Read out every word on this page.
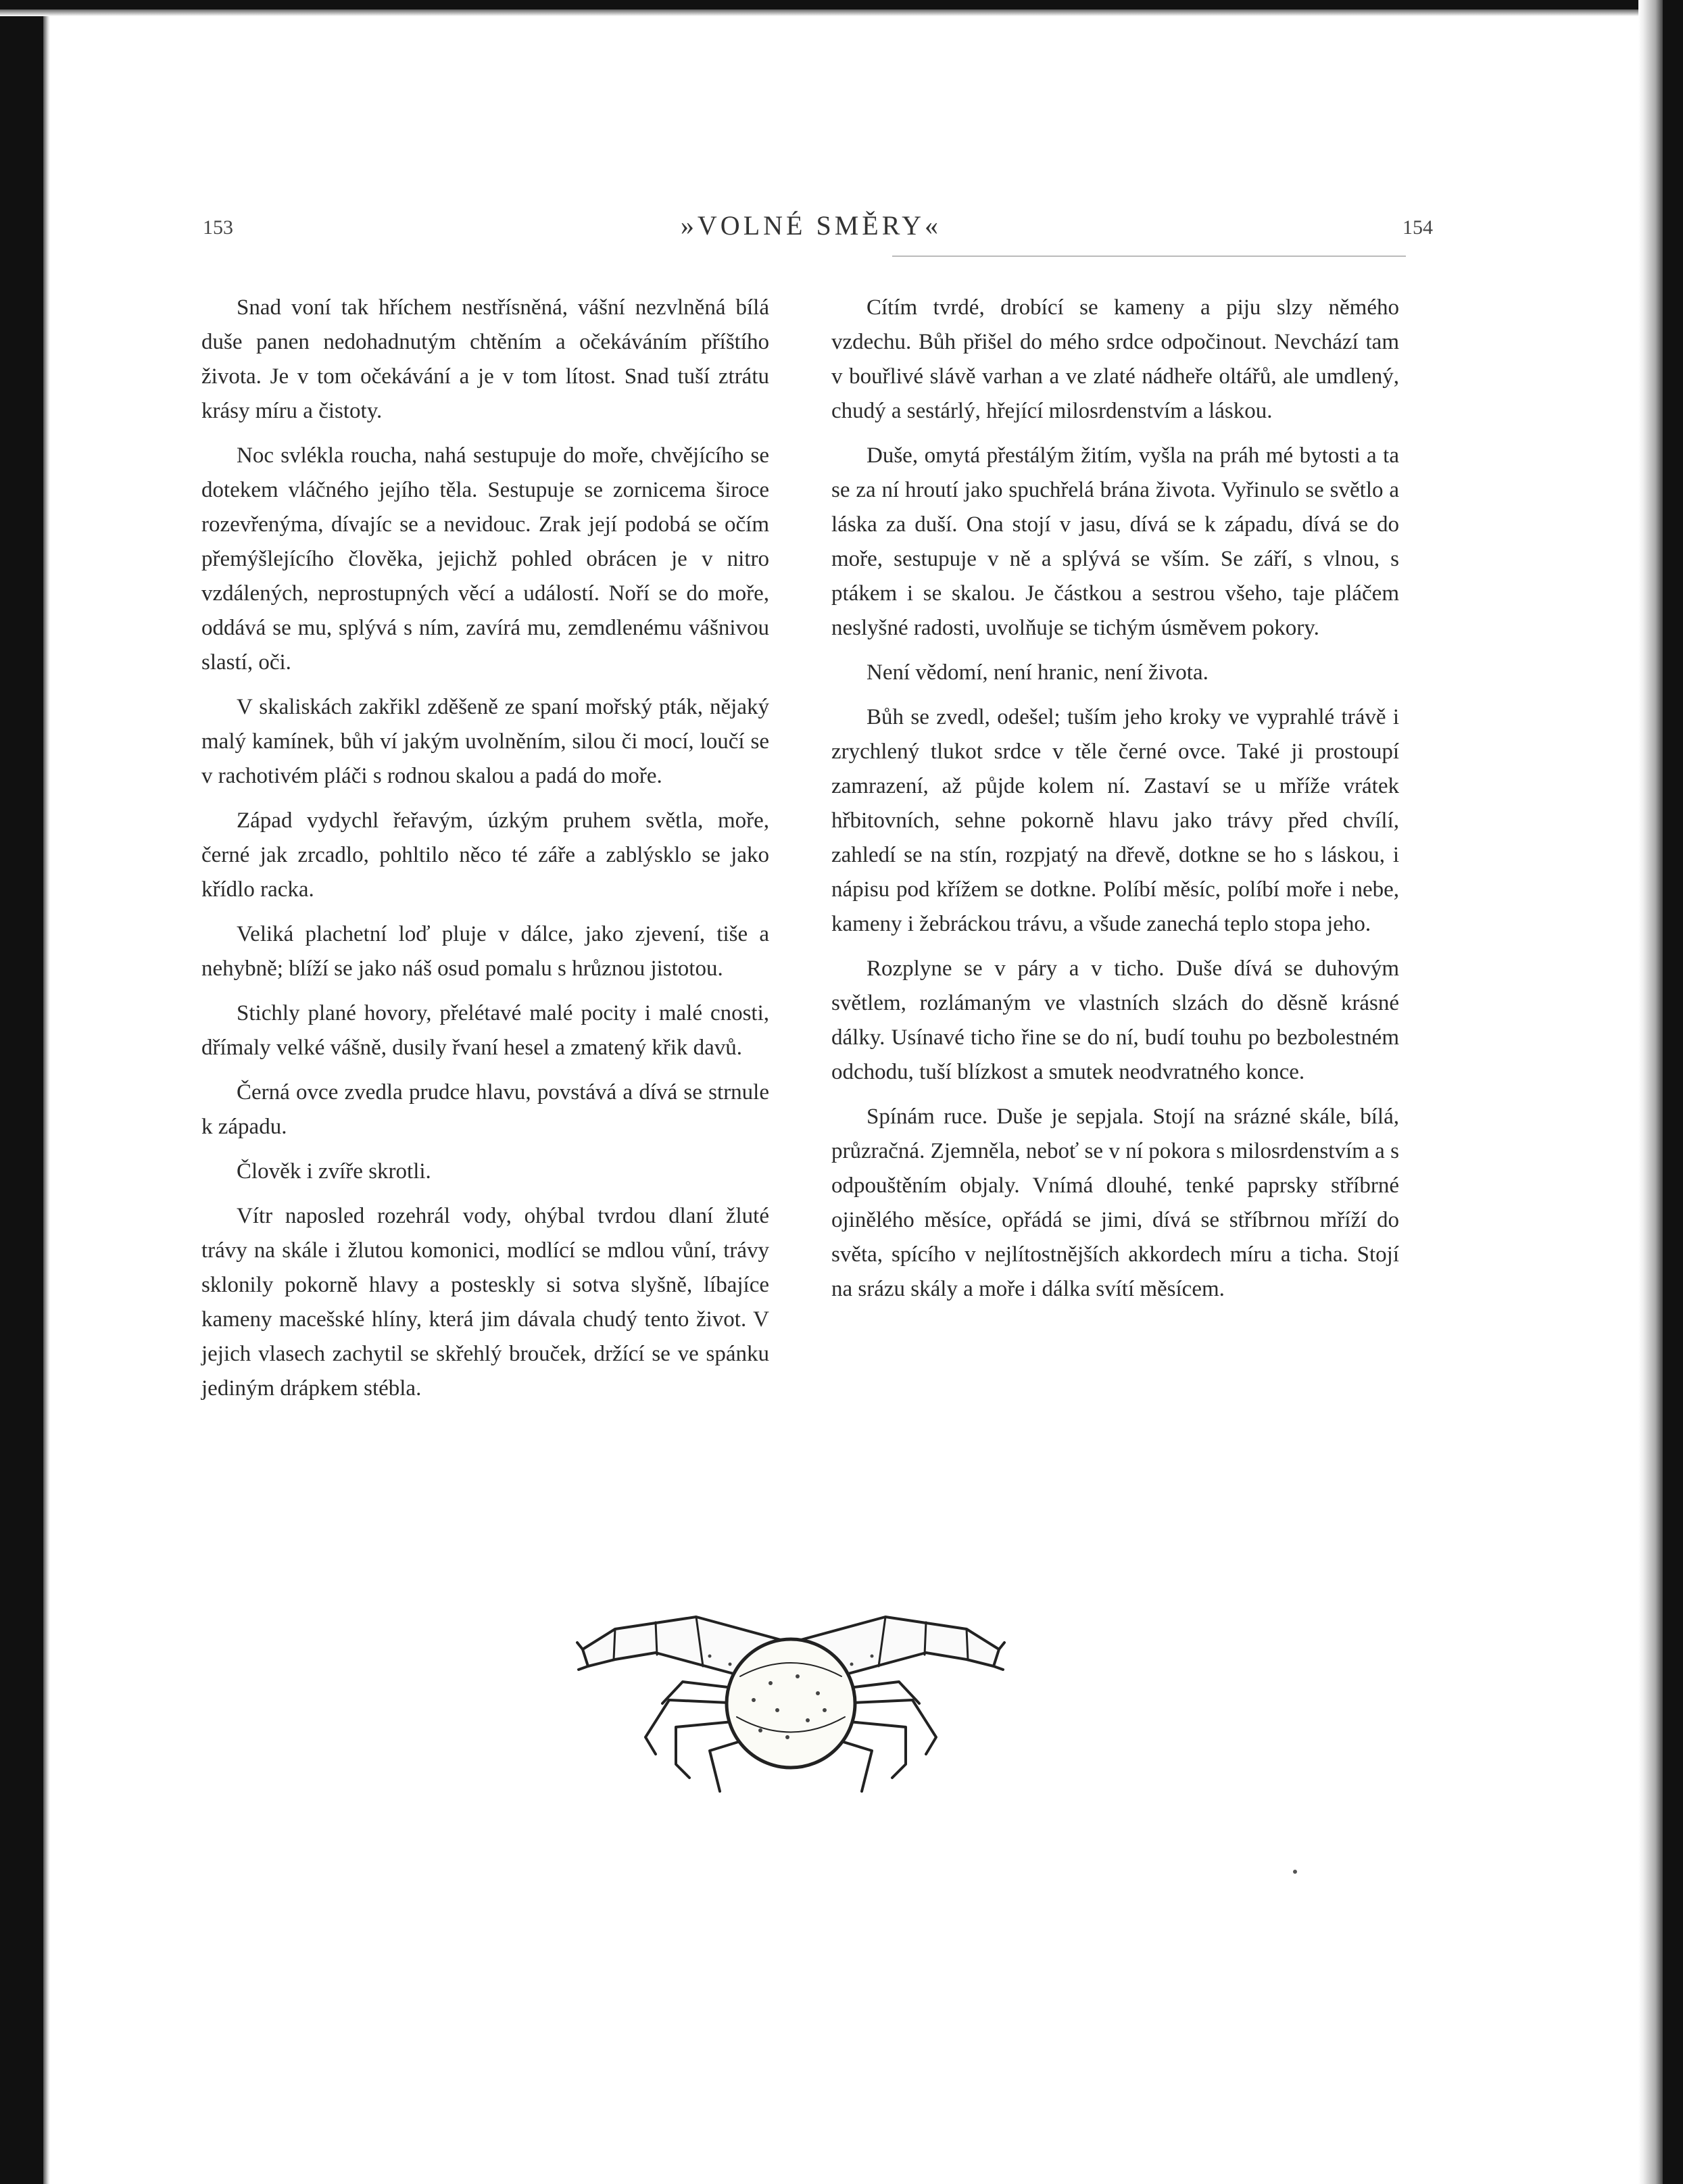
153	»VOLNÉ SMĚRY«	154

Snad voní tak hříchem nestřísněná, vášní nezvlněná bílá duše panen nedohadnutým chtěním a očekáváním příštího života. Je v tom očekávání a je v tom lítost. Snad tuší ztrátu krásy míru a čistoty.

Noc svlékla roucha, nahá sestupuje do moře, chvějícího se dotekem vláčného jejího těla. Sestupuje se zornicema široce rozevřenýma, dívajíc se a nevidouc. Zrak její podobá se očím přemýšlejícího člověka, jejichž pohled obrácen je v nitro vzdálených, neprostupných věcí a událostí. Noří se do moře, oddává se mu, splývá s ním, zavírá mu, zemdlenému vášnivou slastí, oči.

V skaliskách zakřikl zděšeně ze spaní mořský pták, nějaký malý kamínek, bůh ví jakým uvolněním, silou či mocí, loučí se v rachotivém pláči s rodnou skalou a padá do moře.

Západ vydychl řeřavým, úzkým pruhem světla, moře, černé jak zrcadlo, pohltilo něco té záře a zablýsklo se jako křídlo racka.

Veliká plachetní loď pluje v dálce, jako zjevení, tiše a nehybně; blíží se jako náš osud pomalu s hrůznou jistotou.

Stichly plané hovory, přelétavé malé pocity i malé cnosti, dřímaly velké vášně, dusily řvaní hesel a zmatený křik davů.

Černá ovce zvedla prudce hlavu, povstává a dívá se strnule k západu.

Člověk i zvíře skrotli.

Vítr naposled rozehrál vody, ohýbal tvrdou dlaní žluté trávy na skále i žlutou komonici, modlící se mdlou vůní, trávy sklonily pokorně hlavy a posteskly si sotva slyšně, líbajíce kameny macešské hlíny, která jim dávala chudý tento život. V jejich vlasech zachytil se skřehlý brouček, držící se ve spánku jediným drápkem stébla.

Cítím tvrdé, drobící se kameny a piju slzy němého vzdechu. Bůh přišel do mého srdce odpočinout. Nevchází tam v bouřlivé slávě varhan a ve zlaté nádheře oltářů, ale umdlený, chudý a sestárlý, hřející milosrdenstvím a láskou.

Duše, omytá přestálým žitím, vyšla na práh mé bytosti a ta se za ní hroutí jako spuchřelá brána života. Vyřinulo se světlo a láska za duší. Ona stojí v jasu, dívá se k západu, dívá se do moře, sestupuje v ně a splývá se vším. Se září, s vlnou, s ptákem i se skalou. Je částkou a sestrou všeho, taje pláčem neslyšné radosti, uvolňuje se tichým úsměvem pokory.

Není vědomí, není hranic, není života.

Bůh se zvedl, odešel; tuším jeho kroky ve vyprahlé trávě i zrychlený tlukot srdce v těle černé ovce. Také ji prostoupí zamrazení, až půjde kolem ní. Zastaví se u mříže vrátek hřbitovních, sehne pokorně hlavu jako trávy před chvílí, zahledí se na stín, rozpjatý na dřevě, dotkne se ho s láskou, i nápisu pod křížem se dotkne. Políbí měsíc, políbí moře i nebe, kameny i žebráckou trávu, a všude zanechá teplo stopa jeho.

Rozplyne se v páry a v ticho. Duše dívá se duhovým světlem, rozlámaným ve vlastních slzách do děsně krásné dálky. Usínavé ticho řine se do ní, budí touhu po bezbolestném odchodu, tuší blízkost a smutek neodvratného konce.

Spínám ruce. Duše je sepjala. Stojí na srázné skále, bílá, průzračná. Zjemněla, neboť se v ní pokora s milosrdenstvím a s odpouštěním objaly. Vnímá dlouhé, tenké paprsky stříbrné ojinělého měsíce, opřádá se jimi, dívá se stříbrnou mříží do světa, spícího v nejlítostnějších akkordech míru a ticha. Stojí na srázu skály a moře i dálka svítí měsícem.
